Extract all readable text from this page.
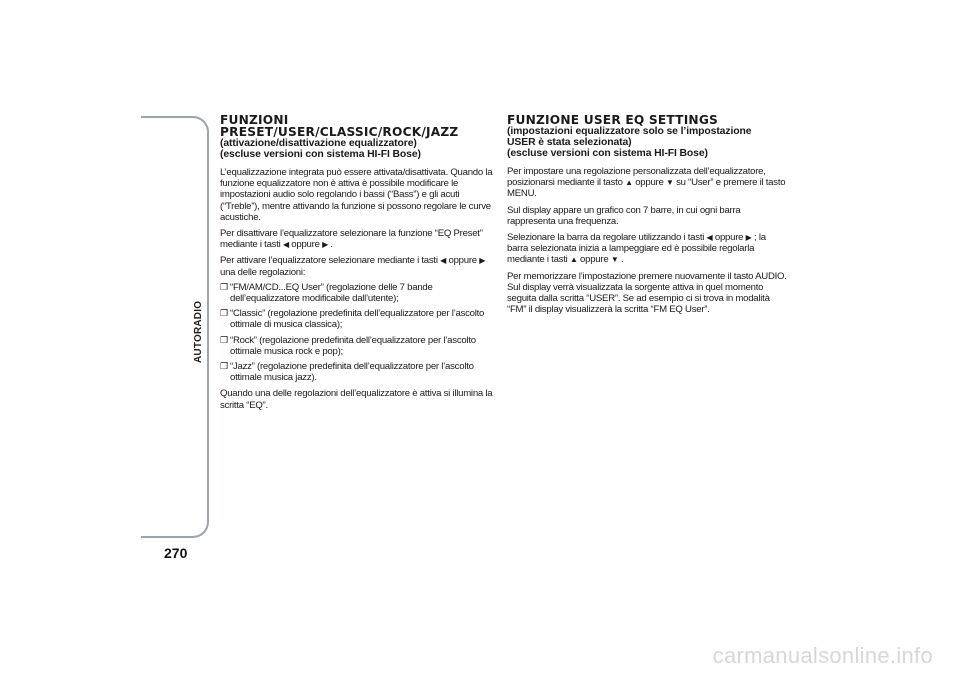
AUTORADIO
270

FUNZIONI

PRESET/USER/CLASSIC/ROCK/JAZZ

(attivazione/disattivazione equalizzatore)

(escluse versioni con sistema HI-FI Bose)

L’equalizzazione integrata può essere attivata/disattivata. Quando la funzione equalizzatore non è attiva è possibile modificare le impostazioni audio solo regolando i bassi (“Bass”) e gli acuti (“Treble”), mentre attivando la funzione si possono regolare le curve acustiche.

Per disattivare l’equalizzatore selezionare la funzione “EQ Preset” mediante i tasti ◀ oppure ▶ .

Per attivare l’equalizzatore selezionare mediante i tasti ◀ oppure ▶ una delle regolazioni:

❐ “FM/AM/CD...EQ User” (regolazione delle 7 bande dell’equalizzatore modificabile dall’utente);
❐ “Classic” (regolazione predefinita dell’equalizzatore per l’ascolto ottimale di musica classica);
❐ “Rock” (regolazione predefinita dell’equalizzatore per l’ascolto ottimale musica rock e pop);
❐ “Jazz” (regolazione predefinita dell’equalizzatore per l’ascolto ottimale musica jazz).

Quando una delle regolazioni dell’equalizzatore è attiva si illumina la scritta “EQ”.

FUNZIONE USER EQ SETTINGS

(impostazioni equalizzatore solo se l’impostazione

USER è stata selezionata)

(escluse versioni con sistema HI-FI Bose)

Per impostare una regolazione personalizzata dell’equalizzatore, posizionarsi mediante il tasto ▲ oppure ▼ su “User” e premere il tasto MENU.

Sul display appare un grafico con 7 barre, in cui ogni barra rappresenta una frequenza.

Selezionare la barra da regolare utilizzando i tasti ◀ oppure ▶ ; la barra selezionata inizia a lampeggiare ed è possibile regolarla mediante i tasti ▲ oppure ▼ .

Per memorizzare l’impostazione premere nuovamente il tasto AUDIO. Sul display verrà visualizzata la sorgente attiva in quel momento seguita dalla scritta “USER”. Se ad esempio ci si trova in modalità “FM” il display visualizzerà la scritta “FM EQ User”.

carmanualsonline.info
